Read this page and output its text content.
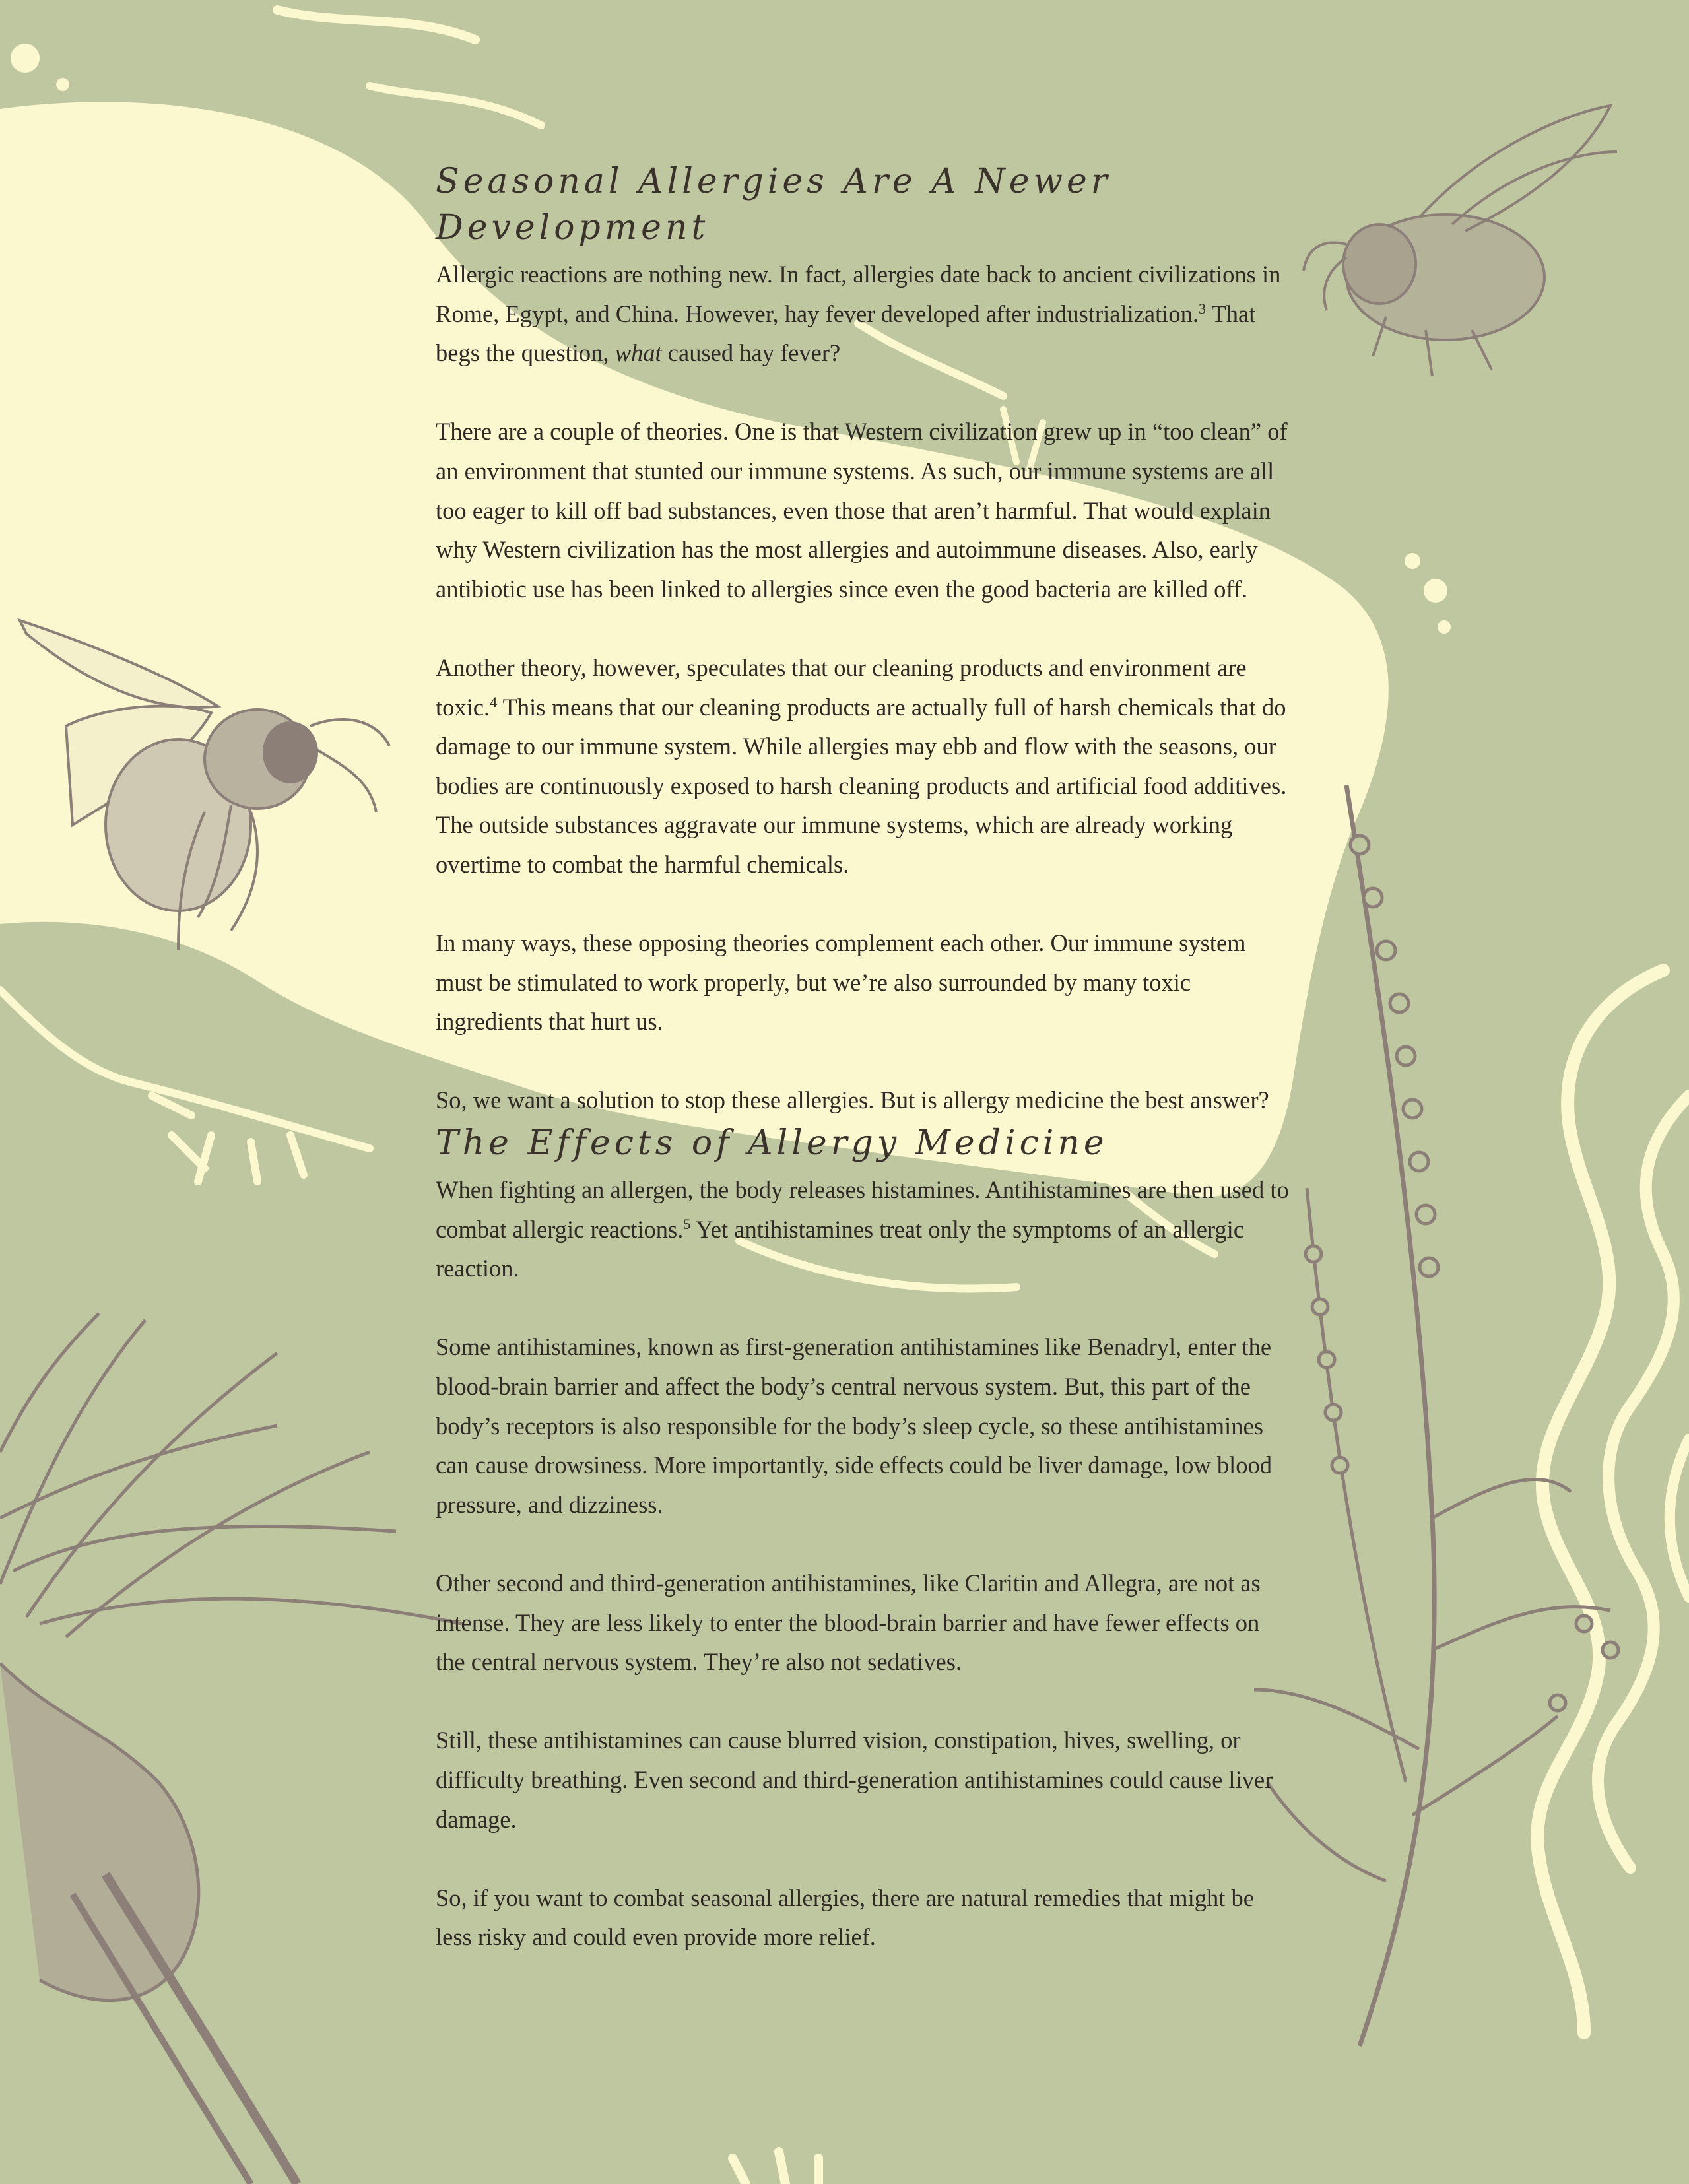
Seasonal Allergies Are A Newer Development

Allergic reactions are nothing new. In fact, allergies date back to ancient civilizations in Rome, Egypt, and China. However, hay fever developed after industrialization.$^3$ That begs the question, what caused hay fever?

There are a couple of theories. One is that Western civilization grew up in “too clean” of an environment that stunted our immune systems. As such, our immune systems are all too eager to kill off bad substances, even those that aren’t harmful. That would explain why Western civilization has the most allergies and autoimmune diseases. Also, early antibiotic use has been linked to allergies since even the good bacteria are killed off.

Another theory, however, speculates that our cleaning products and environment are toxic.$^4$ This means that our cleaning products are actually full of harsh chemicals that do damage to our immune system. While allergies may ebb and flow with the seasons, our bodies are continuously exposed to harsh cleaning products and artificial food additives. The outside substances aggravate our immune systems, which are already working overtime to combat the harmful chemicals.

In many ways, these opposing theories complement each other. Our immune system must be stimulated to work properly, but we’re also surrounded by many toxic ingredients that hurt us.

So, we want a solution to stop these allergies. But is allergy medicine the best answer?

The Effects of Allergy Medicine

When fighting an allergen, the body releases histamines. Antihistamines are then used to combat allergic reactions.$^5$ Yet antihistamines treat only the symptoms of an allergic reaction.

Some antihistamines, known as first-generation antihistamines like Benadryl, enter the blood-brain barrier and affect the body’s central nervous system. But, this part of the body’s receptors is also responsible for the body’s sleep cycle, so these antihistamines can cause drowsiness. More importantly, side effects could be liver damage, low blood pressure, and dizziness.

Other second and third-generation antihistamines, like Claritin and Allegra, are not as intense. They are less likely to enter the blood-brain barrier and have fewer effects on the central nervous system. They’re also not sedatives.

Still, these antihistamines can cause blurred vision, constipation, hives, swelling, or difficulty breathing. Even second and third-generation antihistamines could cause liver damage.

So, if you want to combat seasonal allergies, there are natural remedies that might be less risky and could even provide more relief.
